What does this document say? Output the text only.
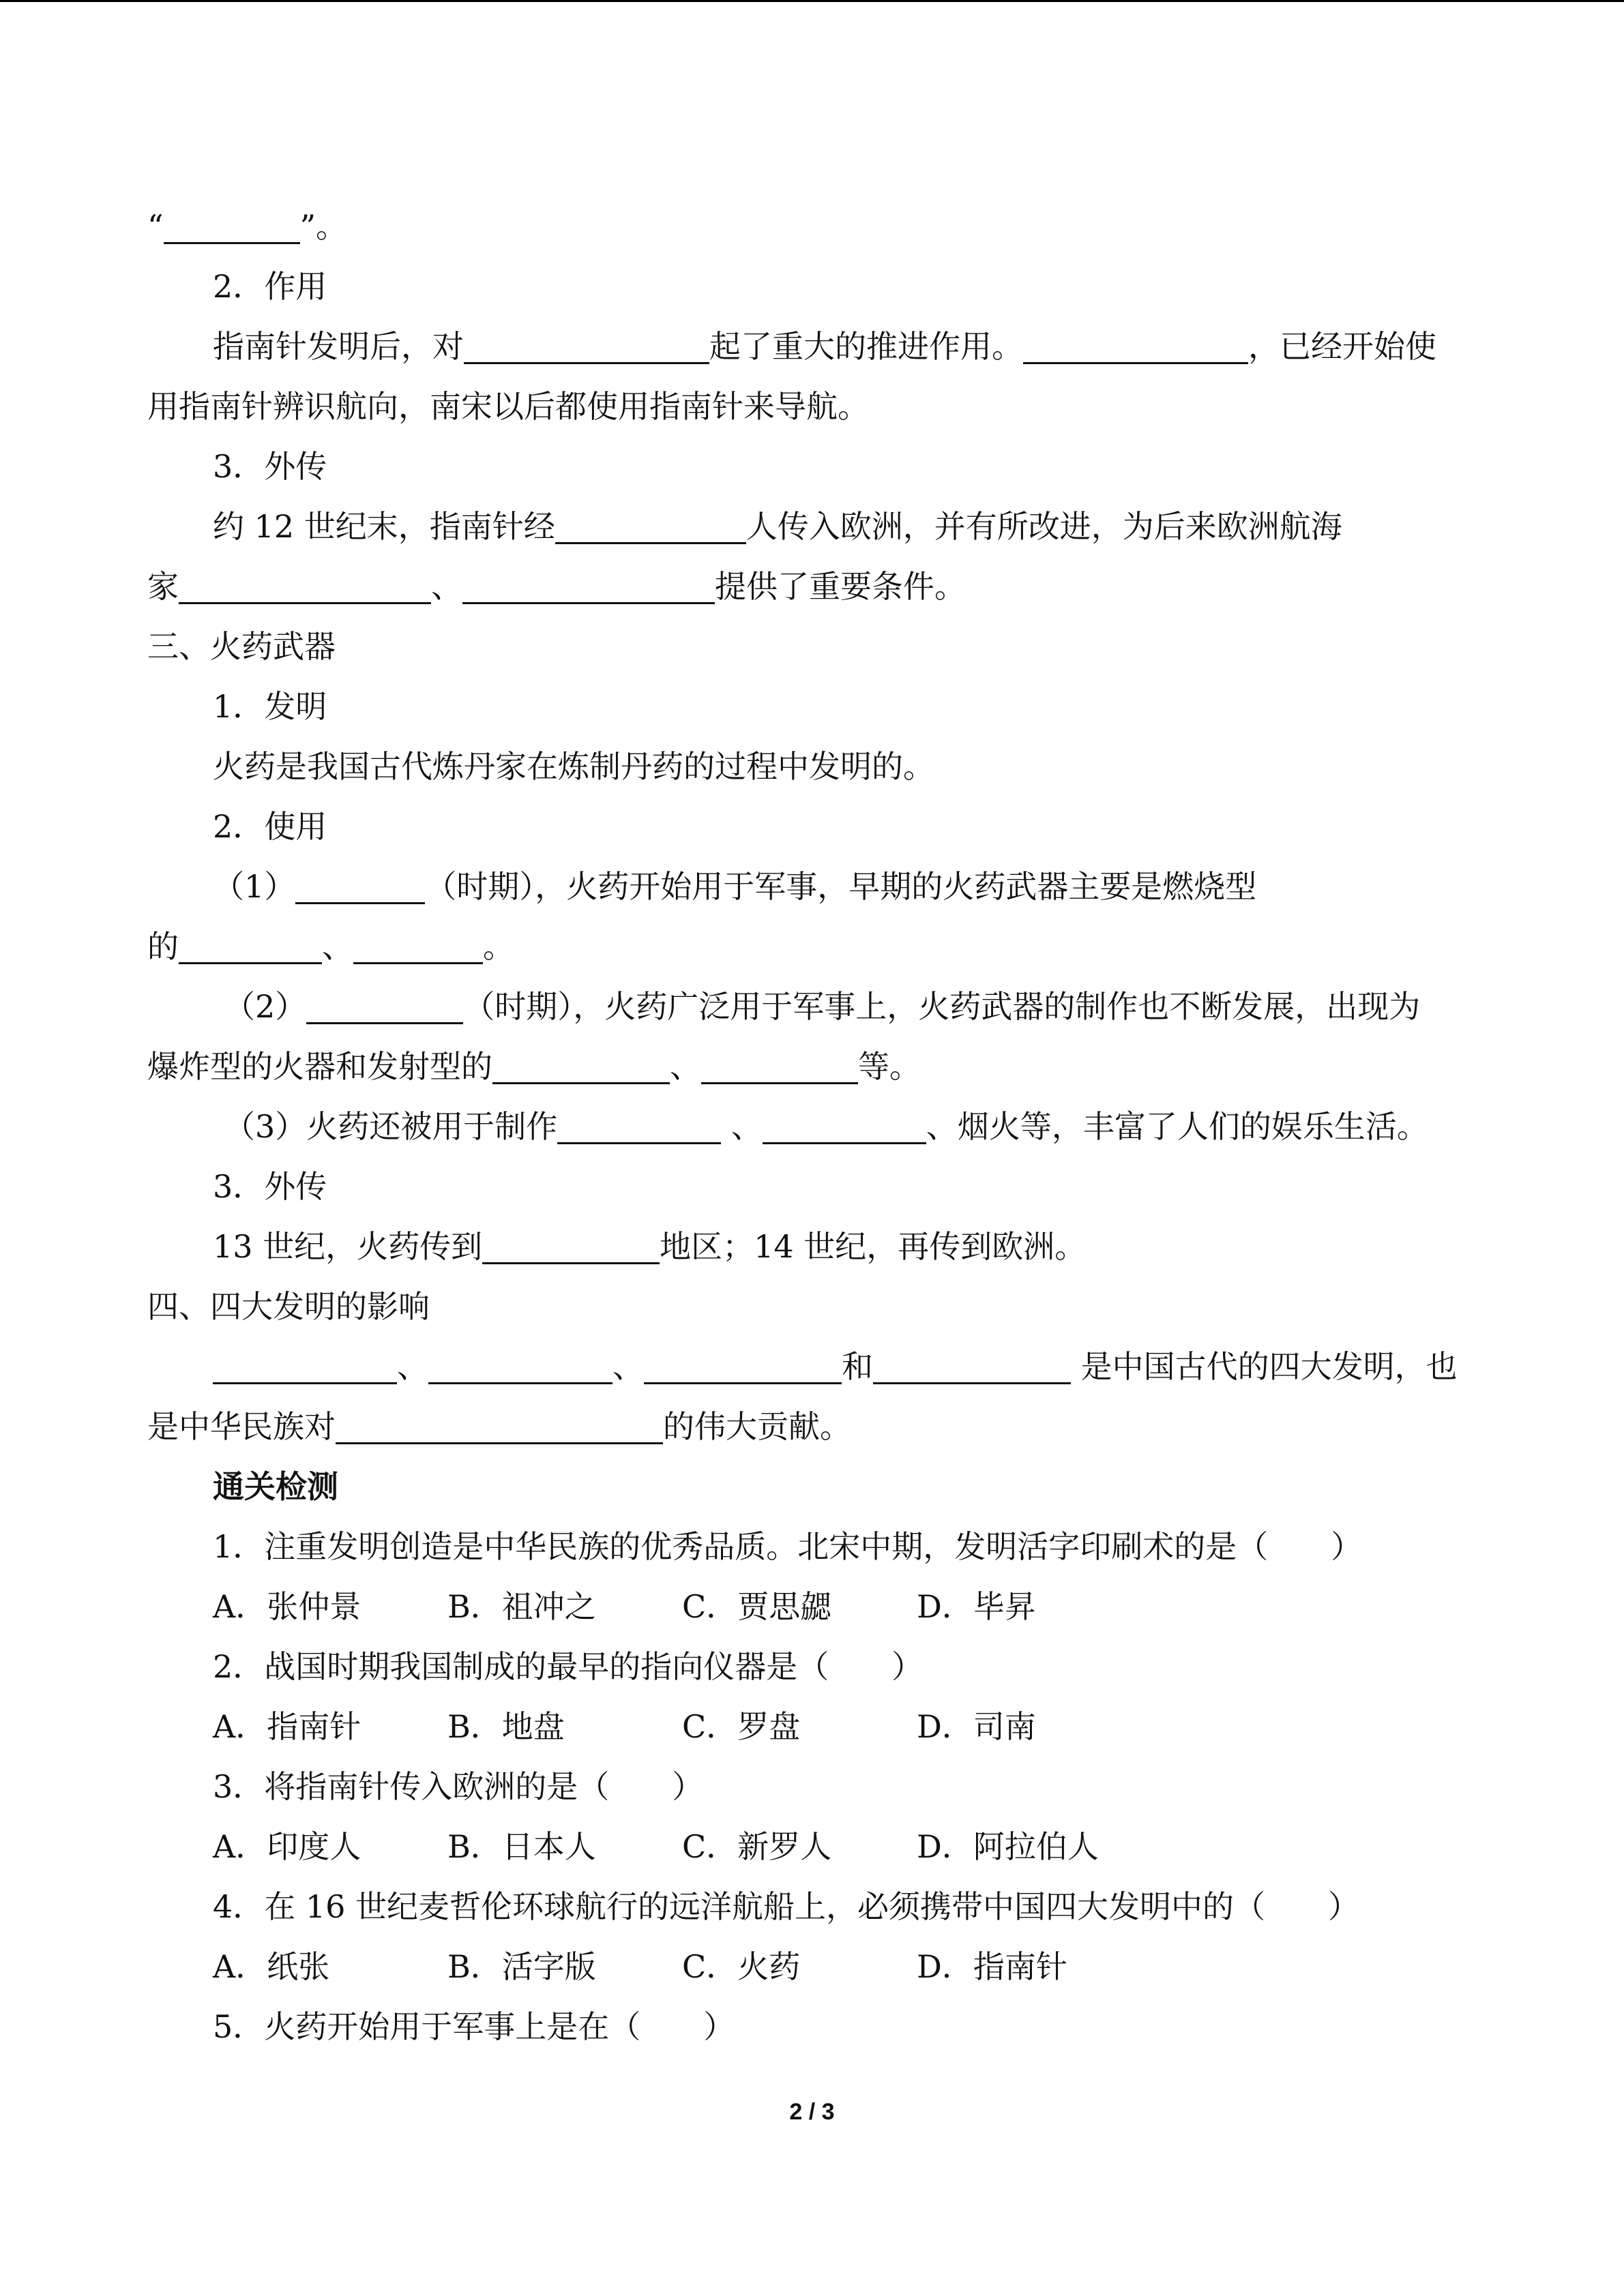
“	”。
2．作用
指南针发明后，对	起了重大的推进作用。	，已经开始使
用指南针辨识航向，南宋以后都使用指南针来导航。
3．外传
约 12 世纪末，指南针经	人传入欧洲，并有所改进，为后来欧洲航海
家	、	提供了重要条件。
三、火药武器
1．发明
火药是我国古代炼丹家在炼制丹药的过程中发明的。
2．使用
（1）	（时期），火药开始用于军事，早期的火药武器主要是燃烧型
的	、	。
（2）	（时期），火药广泛用于军事上，火药武器的制作也不断发展，出现为
爆炸型的火器和发射型的	、	等。
（3）火药还被用于制作	、	、烟火等，丰富了人们的娱乐生活。
3．外传
13 世纪，火药传到	地区；14 世纪，再传到欧洲。
四、四大发明的影响
、	、	和	是中国古代的四大发明，也
是中华民族对	的伟大贡献。
通关检测
1．注重发明创造是中华民族的优秀品质。北宋中期，发明活字印刷术的是（　　）
A．张仲景	B．祖冲之	C．贾思勰	D．毕昇
2．战国时期我国制成的最早的指向仪器是（　　）
A．指南针	B．地盘	C．罗盘	D．司南
3．将指南针传入欧洲的是（　　）
A．印度人	B．日本人	C．新罗人	D．阿拉伯人
4．在 16 世纪麦哲伦环球航行的远洋航船上，必须携带中国四大发明中的（　　）
A．纸张	B．活字版	C．火药	D．指南针
5．火药开始用于军事上是在（　　）
2 / 3
